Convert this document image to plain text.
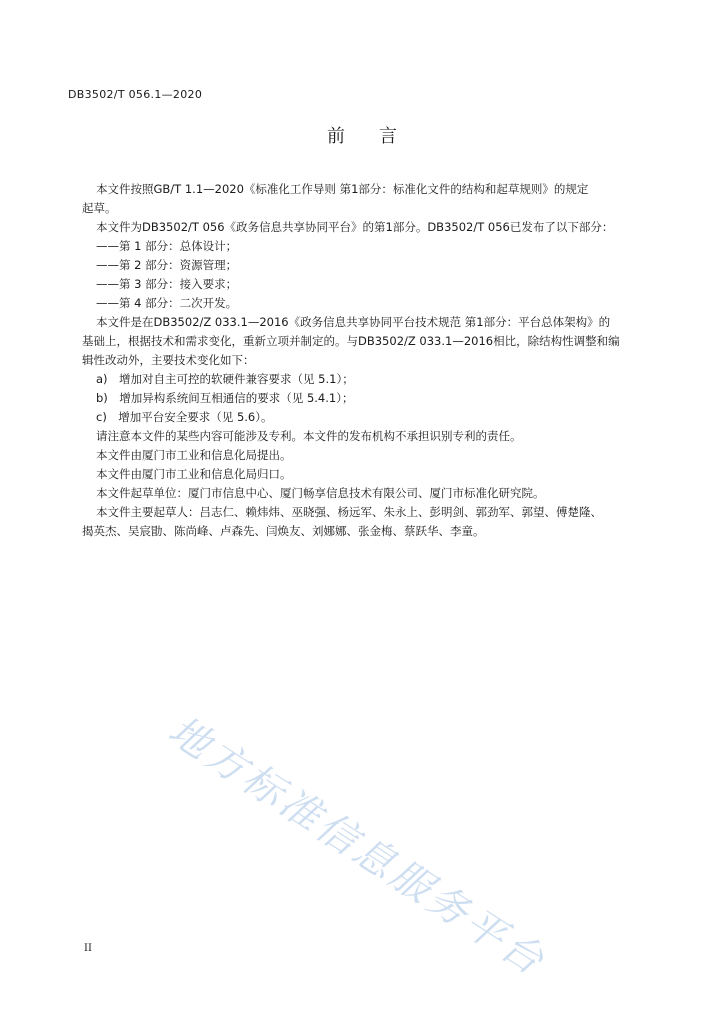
DB3502/T 056.1—2020
前言
本文件按照GB/T 1.1—2020《标准化工作导则 第1部分：标准化文件的结构和起草规则》的规定
起草。
本文件为DB3502/T 056《政务信息共享协同平台》的第1部分。DB3502/T 056已发布了以下部分：
——第 1 部分：总体设计；
——第 2 部分：资源管理；
——第 3 部分：接入要求；
——第 4 部分：二次开发。
本文件是在DB3502/Z 033.1—2016《政务信息共享协同平台技术规范 第1部分：平台总体架构》的
基础上，根据技术和需求变化，重新立项并制定的。与DB3502/Z 033.1—2016相比，除结构性调整和编
辑性改动外，主要技术变化如下：
a)　增加对自主可控的软硬件兼容要求（见 5.1）；
b)　增加异构系统间互相通信的要求（见 5.4.1）；
c)　增加平台安全要求（见 5.6）。
请注意本文件的某些内容可能涉及专利。本文件的发布机构不承担识别专利的责任。
本文件由厦门市工业和信息化局提出。
本文件由厦门市工业和信息化局归口。
本文件起草单位：厦门市信息中心、厦门畅享信息技术有限公司、厦门市标准化研究院。
本文件主要起草人：吕志仁、赖炜炜、巫晓强、杨远军、朱永上、彭明剑、郭劲军、郭望、傅楚隆、
揭英杰、吴宸勖、陈尚峰、卢森先、闫焕友、刘娜娜、张金梅、蔡跃华、李童。
地方标准信息服务平台
II
